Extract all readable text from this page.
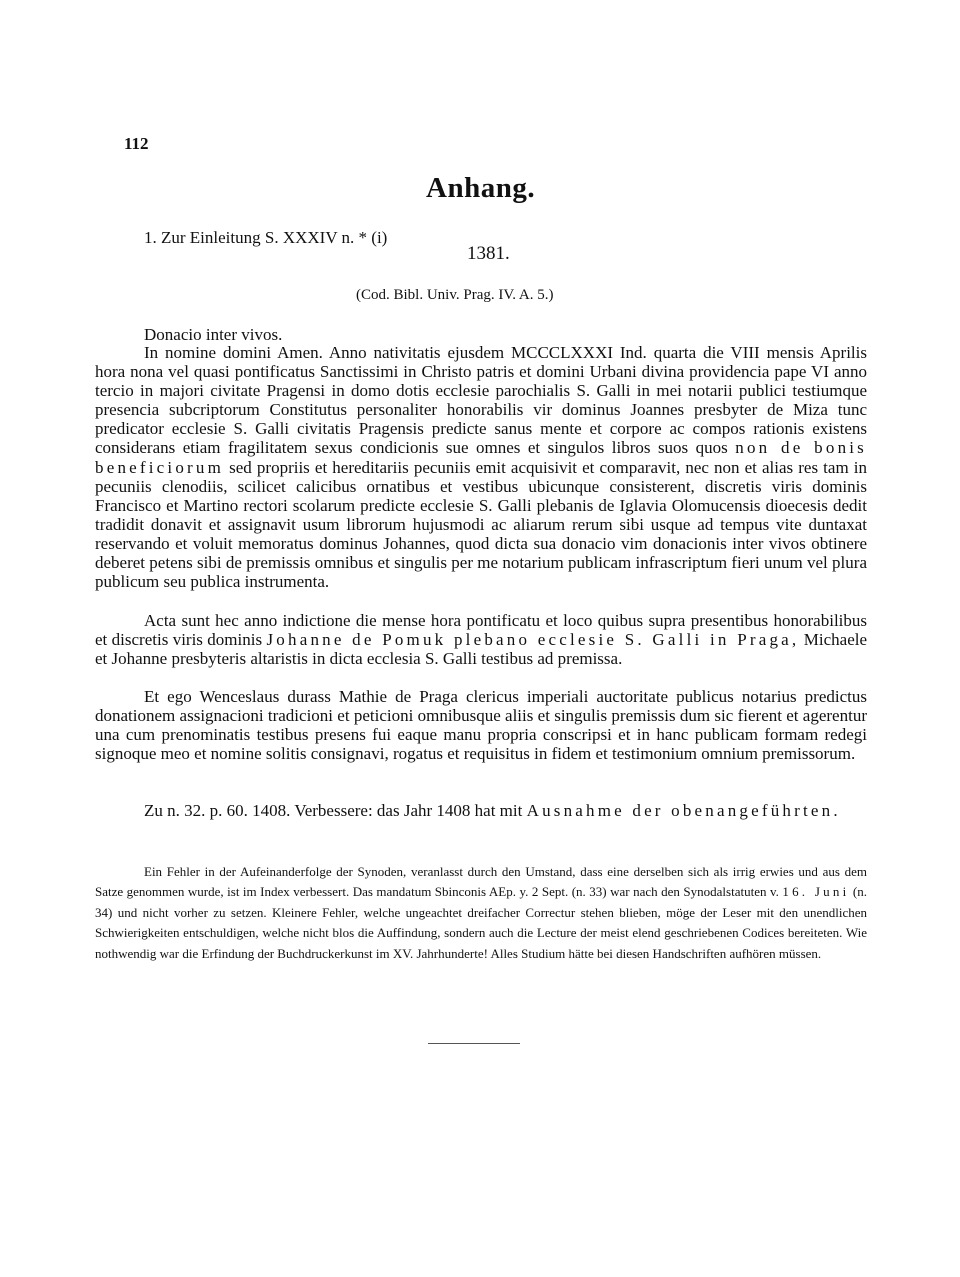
112
Anhang.
1. Zur Einleitung S. XXXIV n. * (i)
1381.
(Cod. Bibl. Univ. Prag. IV. A. 5.)
Donacio inter vivos.

In nomine domini Amen. Anno nativitatis ejusdem MCCCLXXXI Ind. quarta die VIII mensis Aprilis hora nona vel quasi pontificatus Sanctissimi in Christo patris et domini Urbani divina providencia pape VI anno tercio in majori civitate Pragensi in domo dotis ecclesie parochialis S. Galli in mei notarii publici testiumque presencia subcriptorum Constitutus personaliter honorabilis vir dominus Joannes presbyter de Miza tunc predicator ecclesie S. Galli civitatis Pragensis predicte sanus mente et corpore ac compos rationis existens considerans etiam fragilitatem sexus condicionis sue omnes et singulos libros suos quos non de bonis beneficiorum sed propriis et hereditariis pecuniis emit acquisivit et comparavit, nec non et alias res tam in pecuniis clenodiis, scilicet calicibus ornatibus et vestibus ubicunque consisterent, discretis viris dominis Francisco et Martino rectori scolarum predicte ecclesie S. Galli plebanis de Iglavia Olomucensis dioecesis dedit tradidit donavit et assignavit usum librorum hujusmodi ac aliarum rerum sibi usque ad tempus vite duntaxat reservando et voluit memoratus dominus Johannes, quod dicta sua donacio vim donacionis inter vivos obtinere deberet petens sibi de premissis omnibus et singulis per me notarium publicam infrascriptum fieri unum vel plura publicum seu publica instrumenta.

Acta sunt hec anno indictione die mense hora pontificatu et loco quibus supra presentibus honorabilibus et discretis viris dominis Johanne de Pomuk plebano ecclesie S. Galli in Praga, Michaele et Johanne presbyteris altaristis in dicta ecclesia S. Galli testibus ad premissa.

Et ego Wenceslaus durass Mathie de Praga clericus imperiali auctoritate publicus notarius predictus donationem assignacioni tradicioni et peticioni omnibusque aliis et singulis premissis dum sic fierent et agerentur una cum prenominatis testibus presens fui eaque manu propria conscripsi et in hanc publicam formam redegi signoque meo et nomine solitis consignavi, rogatus et requisitus in fidem et testimonium omnium premissorum.

Zu n. 32. p. 60. 1408. Verbessere: das Jahr 1408 hat mit Ausnahme der obenangeführten.

Ein Fehler in der Aufeinanderfolge der Synoden, veranlasst durch den Umstand, dass eine derselben sich als irrig erwies und aus dem Satze genommen wurde, ist im Index verbessert. Das mandatum Sbinconis AEp. y. 2 Sept. (n. 33) war nach den Synodalstatuten v. 16. Juni (n. 34) und nicht vorher zu setzen. Kleinere Fehler, welche ungeachtet dreifacher Correctur stehen blieben, möge der Leser mit den unendlichen Schwierigkeiten entschuldigen, welche nicht blos die Auffindung, sondern auch die Lecture der meist elend geschriebenen Codices bereiteten. Wie nothwendig war die Erfindung der Buchdruckerkunst im XV. Jahrhunderte! Alles Studium hätte bei diesen Handschriften aufhören müssen.
